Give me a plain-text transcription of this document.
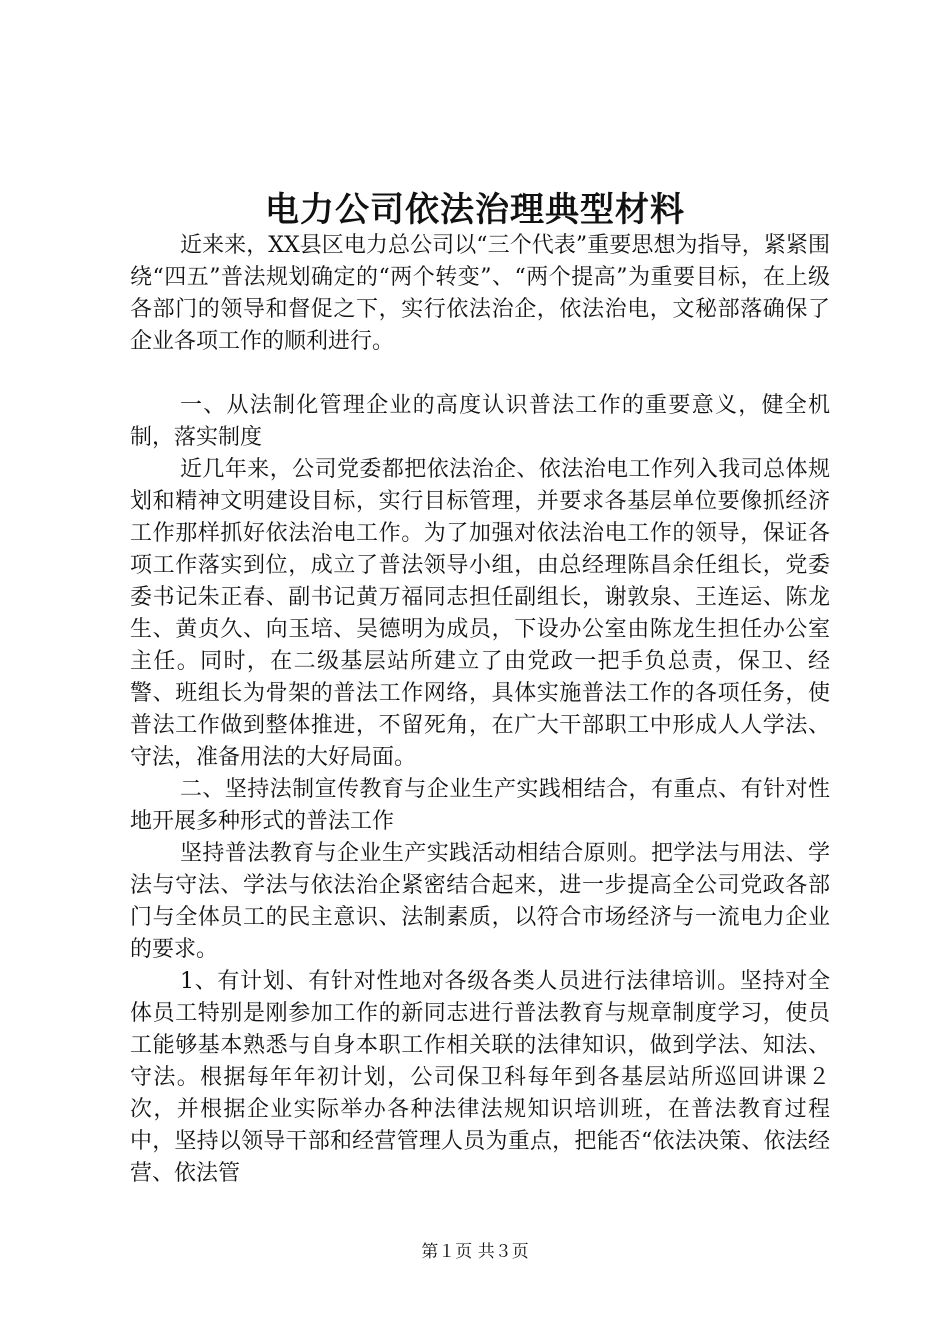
电力公司依法治理典型材料

近来来，XX县区电力总公司以“三个代表”重要思想为指导，紧紧围绕“四五”普法规划确定的“两个转变”、“两个提高”为重要目标，在上级各部门的领导和督促之下，实行依法治企，依法治电，文秘部落确保了企业各项工作的顺利进行。

一、从法制化管理企业的高度认识普法工作的重要意义，健全机制，落实制度

近几年来，公司党委都把依法治企、依法治电工作列入我司总体规划和精神文明建设目标，实行目标管理，并要求各基层单位要像抓经济工作那样抓好依法治电工作。为了加强对依法治电工作的领导，保证各项工作落实到位，成立了普法领导小组，由总经理陈昌余任组长，党委委书记朱正春、副书记黄万福同志担任副组长，谢敦泉、王连运、陈龙生、黄贞久、向玉培、吴德明为成员，下设办公室由陈龙生担任办公室主任。同时，在二级基层站所建立了由党政一把手负总责，保卫、经警、班组长为骨架的普法工作网络，具体实施普法工作的各项任务，使普法工作做到整体推进，不留死角，在广大干部职工中形成人人学法、守法，准备用法的大好局面。

二、坚持法制宣传教育与企业生产实践相结合，有重点、有针对性地开展多种形式的普法工作

坚持普法教育与企业生产实践活动相结合原则。把学法与用法、学法与守法、学法与依法治企紧密结合起来，进一步提高全公司党政各部门与全体员工的民主意识、法制素质，以符合市场经济与一流电力企业的要求。

1、有计划、有针对性地对各级各类人员进行法律培训。坚持对全体员工特别是刚参加工作的新同志进行普法教育与规章制度学习，使员工能够基本熟悉与自身本职工作相关联的法律知识，做到学法、知法、守法。根据每年年初计划，公司保卫科每年到各基层站所巡回讲课２次，并根据企业实际举办各种法律法规知识培训班，在普法教育过程中，坚持以领导干部和经营管理人员为重点，把能否“依法决策、依法经营、依法管

第１页 共３页
